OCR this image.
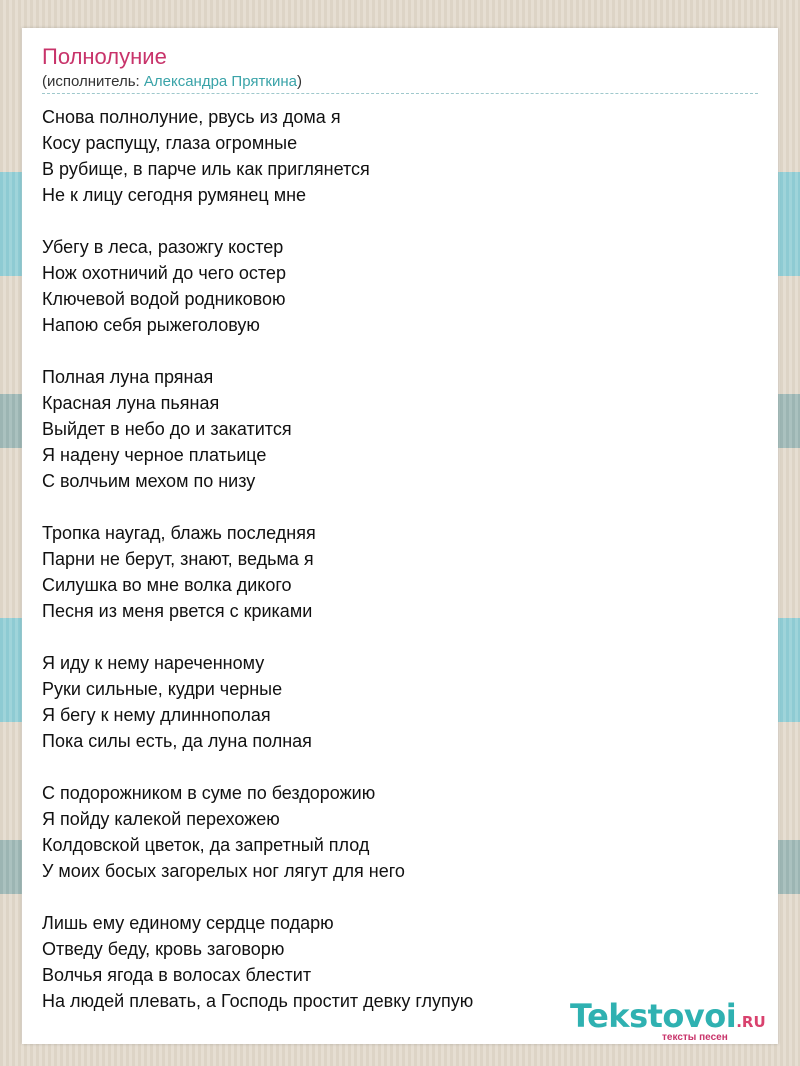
Полнолуние
(исполнитель: Александра Пряткина)
Снова полнолуние, рвусь из дома я
Косу распущу, глаза огромные
В рубище, в парче иль как приглянется
Не к лицу сегодня румянец мне
Убегу в леса, разожгу костер
Нож охотничий до чего остер
Ключевой водой родниковою
Напою себя рыжеголовую
Полная луна пряная
Красная луна пьяная
Выйдет в небо до и закатится
Я надену черное платьице
С волчьим мехом по низу
Тропка наугад, блажь последняя
Парни не берут, знают, ведьма я
Силушка во мне волка дикого
Песня из меня рвется с криками
Я иду к нему нареченному
Руки сильные, кудри черные
Я бегу к нему длиннополая
Пока силы есть, да луна полная
С подорожником в суме по бездорожию
Я пойду калекой перехожею
Колдовской цветок, да запретный плод
У моих босых загорелых ног лягут для него
Лишь ему единому сердце подарю
Отведу беду, кровь заговорю
Волчья ягода в волосах блестит
На людей плевать, а Господь простит девку глупую	Tekstovoi.RU
тексты песен
